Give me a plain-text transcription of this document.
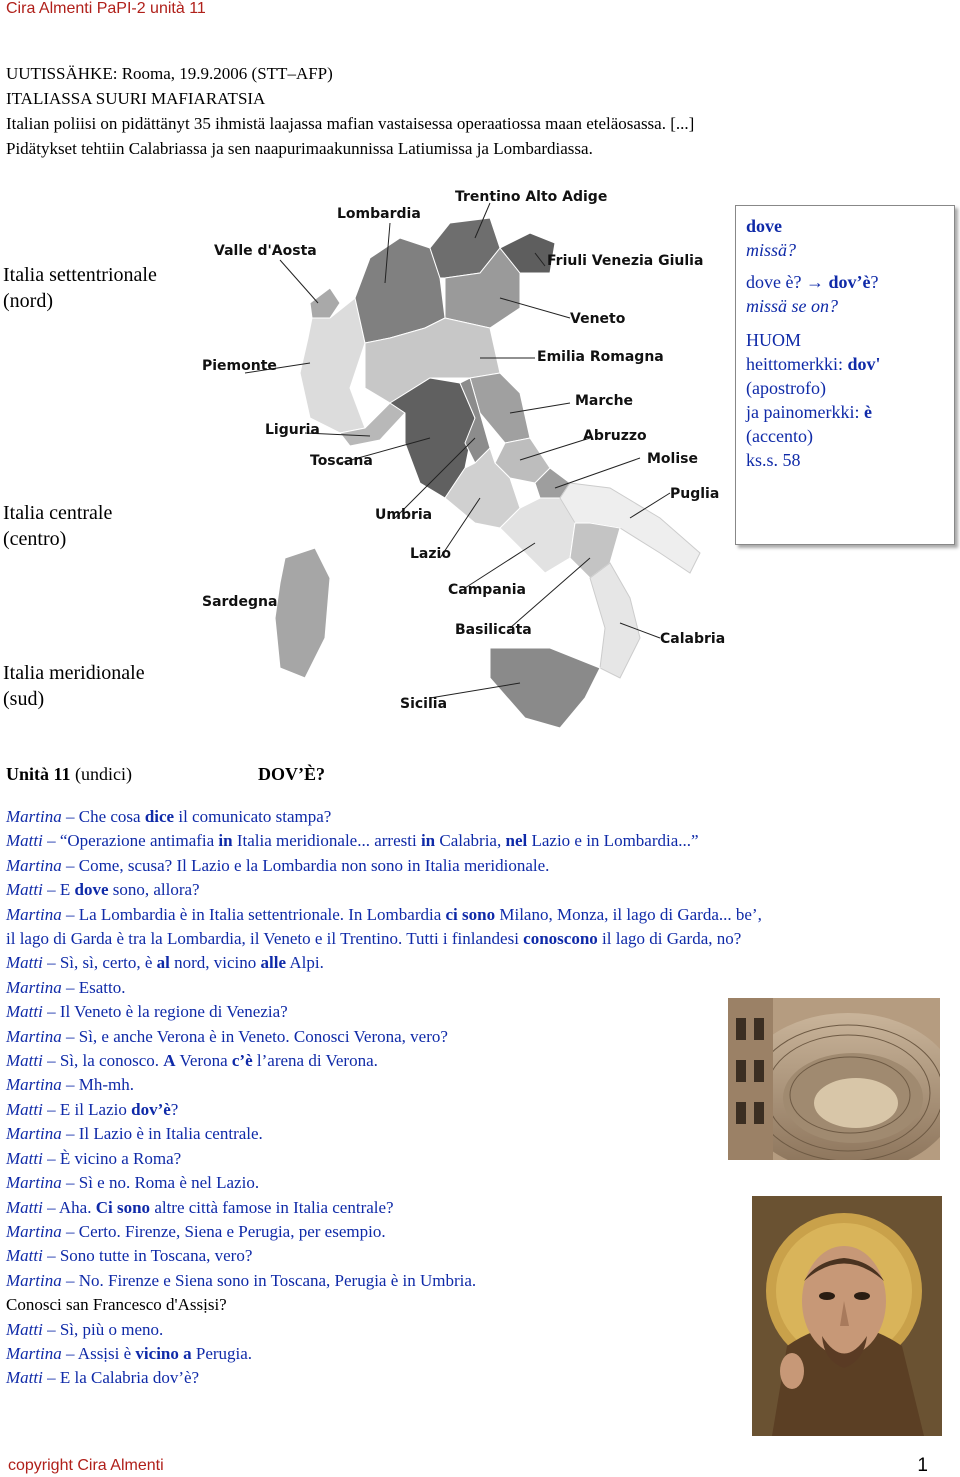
Cira Almenti PaPI-2 unità 11
UUTISSÄHKE: Rooma, 19.9.2006 (STT–AFP)
ITALIASSA SUURI MAFIARATSIA
Italian poliisi on pidättänyt 35 ihmistä laajassa mafian vastaisessa operaatiossa maan eteläosassa. [...]
Pidätykset tehtiin Calabriassa ja sen naapurimaakunnissa Latiumissa ja Lombardiassa.
Italia settentrionale (nord)
Italia centrale (centro)
Italia meridionale (sud)
Trentino Alto Adige
Lombardia
Valle d'Aosta
Friuli Venezia Giulia
Veneto
Piemonte
Emilia Romagna
Marche
Liguria	Abruzzo
Toscana	Molise
Puglia
Umbria
Lazio
Campania
Sardegna
Basilicata
Calabria
Sicilia
dove
missä?
dove è? → dov’è?
missä se on?
HUOM
heittomerkki: dov'
(apostrofo)
ja painomerkki: è
(accento)
ks.s. 58
Unità 11 (undici)	DOV’È?
Martina – Che cosa dice il comunicato stampa?
Matti – “Operazione antimafia in Italia meridionale... arresti in Calabria, nel Lazio e in Lombardia...”
Martina – Come, scusa? Il Lazio e la Lombardia non sono in Italia meridionale.
Matti – E dove sono, allora?
Martina – La Lombardia è in Italia settentrionale. In Lombardia ci sono Milano, Monza, il lago di Garda... be’,
il lago di Garda è tra la Lombardia, il Veneto e il Trentino. Tutti i finlandesi conoscono il lago di Garda, no?
Matti – Sì, sì, certo, è al nord, vicino alle Alpi.
Martina – Esatto.
Matti – Il Veneto è la regione di Venezia?
Martina – Sì, e anche Verona è in Veneto. Conosci Verona, vero?
Matti – Sì, la conosco. A Verona c’è l’arena di Verona.
Martina – Mh-mh.
Matti – E il Lazio dov’è?
Martina – Il Lazio è in Italia centrale.
Matti – È vicino a Roma?
Martina – Sì e no. Roma è nel Lazio.
Matti – Aha. Ci sono altre città famose in Italia centrale?
Martina – Certo. Firenze, Siena e Perugia, per esempio.
Matti – Sono tutte in Toscana, vero?
Martina – No. Firenze e Siena sono in Toscana, Perugia è in Umbria.
Conosci san Francesco d'Assịsi?
Matti – Sì, più o meno.
Martina – Assịsi è vicino a Perugia.
Matti – E la Calabria dov’è?
copyright Cira Almenti	1
